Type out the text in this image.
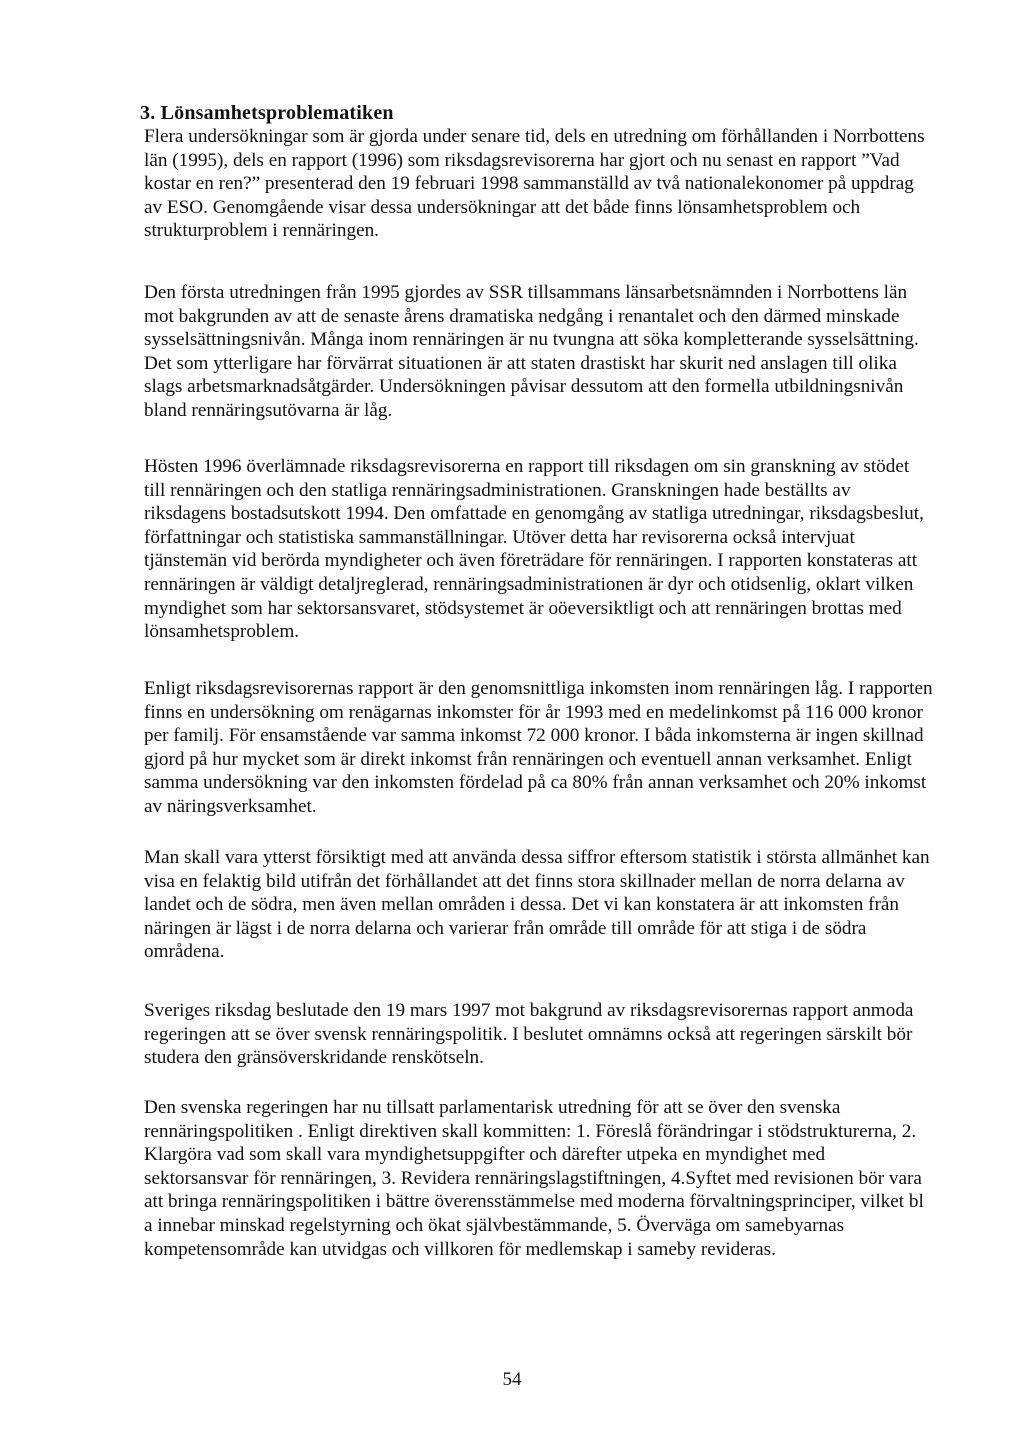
3. Lönsamhetsproblematiken

Flera undersökningar som är gjorda under senare tid, dels en utredning om förhållanden i Norrbottens län (1995), dels en rapport (1996) som riksdagsrevisorerna har gjort och nu senast en rapport ”Vad kostar en ren?” presenterad den 19 februari 1998 sammanställd av två nationalekonomer på uppdrag av ESO. Genomgående visar dessa undersökningar att det både finns lönsamhetsproblem och strukturproblem i rennäringen.

Den första utredningen från 1995 gjordes av SSR tillsammans länsarbetsnämnden i Norrbottens län mot bakgrunden av att de senaste årens dramatiska nedgång i renantalet och den därmed minskade sysselsättningsnivån. Många inom rennäringen är nu tvungna att söka kompletterande sysselsättning. Det som ytterligare har förvärrat situationen är att staten drastiskt har skurit ned anslagen till olika slags arbetsmarknadsåtgärder. Undersökningen påvisar dessutom att den formella utbildningsnivån bland rennäringsutövarna är låg.

Hösten 1996 överlämnade riksdagsrevisorerna en rapport till riksdagen om sin granskning av stödet till rennäringen och den statliga rennäringsadministrationen. Granskningen hade beställts av riksdagens bostadsutskott 1994. Den omfattade en genomgång av statliga utredningar, riksdagsbeslut, författningar och statistiska sammanställningar. Utöver detta har revisorerna också intervjuat tjänstemän vid berörda myndigheter och även företrädare för rennäringen. I rapporten konstateras att rennäringen är väldigt detaljreglerad, rennäringsadministrationen är dyr och otidsenlig, oklart vilken myndighet som har sektorsansvaret, stödsystemet är oöeversiktligt och att rennäringen brottas med lönsamhetsproblem.

Enligt riksdagsrevisorernas rapport är den genomsnittliga inkomsten inom rennäringen låg. I rapporten finns en undersökning om renägarnas inkomster för år 1993 med en medelinkomst på 116 000 kronor per familj. För ensamstående var samma inkomst 72 000 kronor. I båda inkomsterna är ingen skillnad gjord på hur mycket som är direkt inkomst från rennäringen och eventuell annan verksamhet. Enligt samma undersökning var den inkomsten fördelad på ca 80% från annan verksamhet och 20% inkomst av näringsverksamhet.

Man skall vara ytterst försiktigt med att använda dessa siffror eftersom statistik i största allmänhet kan visa en felaktig bild utifrån det förhållandet att det finns stora skillnader mellan de norra delarna av landet och de södra, men även mellan områden i dessa. Det vi kan konstatera är att inkomsten från näringen är lägst i de norra delarna och varierar från område till område för att stiga i de södra områdena.

Sveriges riksdag beslutade den 19 mars 1997 mot bakgrund av riksdagsrevisorernas rapport anmoda regeringen att se över svensk rennäringspolitik. I beslutet omnämns också att regeringen särskilt bör studera den gränsöverskridande renskötseln.

Den svenska regeringen har nu tillsatt parlamentarisk utredning för att se över den svenska rennäringspolitiken . Enligt direktiven skall kommitten: 1. Föreslå förändringar i stödstrukturerna, 2. Klargöra vad som skall vara myndighetsuppgifter och därefter utpeka en myndighet med sektorsansvar för rennäringen, 3. Revidera rennäringslagstiftningen, 4.Syftet med revisionen bör vara att bringa rennäringspolitiken i bättre överensstämmelse med moderna förvaltningsprinciper, vilket bl a innebar minskad regelstyrning och ökat självbestämmande, 5. Överväga om samebyarnas kompetensområde kan utvidgas och villkoren för medlemskap i sameby revideras.

54
